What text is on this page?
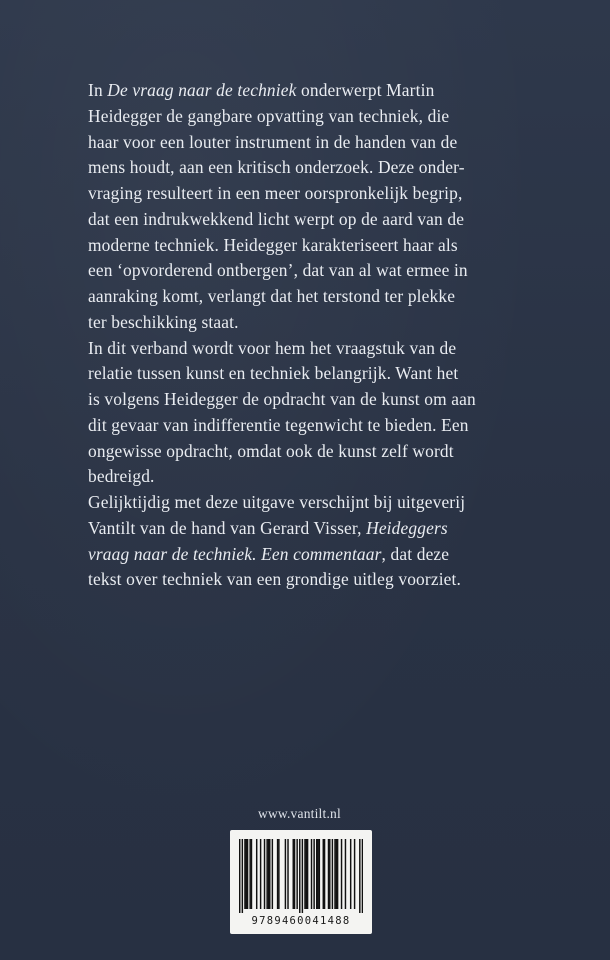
In De vraag naar de techniek onderwerpt Martin
Heidegger de gangbare opvatting van techniek, die
haar voor een louter instrument in de handen van de
mens houdt, aan een kritisch onderzoek. Deze onder-
vraging resulteert in een meer oorspronkelijk begrip,
dat een indrukwekkend licht werpt op de aard van de
moderne techniek. Heidegger karakteriseert haar als
een ‘opvorderend ontbergen’, dat van al wat ermee in
aanraking komt, verlangt dat het terstond ter plekke
ter beschikking staat.

In dit verband wordt voor hem het vraagstuk van de
relatie tussen kunst en techniek belangrijk. Want het
is volgens Heidegger de opdracht van de kunst om aan
dit gevaar van indifferentie tegenwicht te bieden. Een
ongewisse opdracht, omdat ook de kunst zelf wordt
bedreigd.

Gelijktijdig met deze uitgave verschijnt bij uitgeverij
Vantilt van de hand van Gerard Visser, Heideggers
vraag naar de techniek. Een commentaar, dat deze
tekst over techniek van een grondige uitleg voorziet.

www.vantilt.nl
9789460041488
